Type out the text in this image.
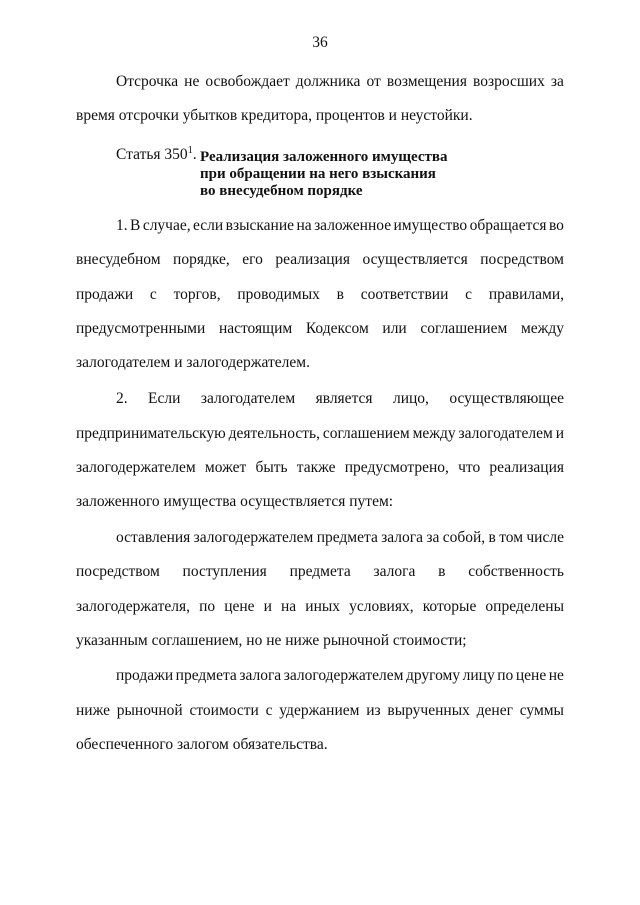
36
Отсрочка не освобождает должника от возмещения возросших за
время отсрочки убытков кредитора, процентов и неустойки.
Статья $350^1$. Реализация заложенного имущества
при обращении на него взыскания
во внесудебном порядке
1. В случае, если взыскание на заложенное имущество обращается во
внесудебном порядке, его реализация осуществляется посредством
продажи с торгов, проводимых в соответствии с правилами,
предусмотренными настоящим Кодексом или соглашением между
залогодателем и залогодержателем.
2. Если залогодателем является лицо, осуществляющее
предпринимательскую деятельность, соглашением между залогодателем и
залогодержателем может быть также предусмотрено, что реализация
заложенного имущества осуществляется путем:
оставления залогодержателем предмета залога за собой, в том числе
посредством поступления предмета залога в собственность
залогодержателя, по цене и на иных условиях, которые определены
указанным соглашением, но не ниже рыночной стоимости;
продажи предмета залога залогодержателем другому лицу по цене не
ниже рыночной стоимости с удержанием из вырученных денег суммы
обеспеченного залогом обязательства.
